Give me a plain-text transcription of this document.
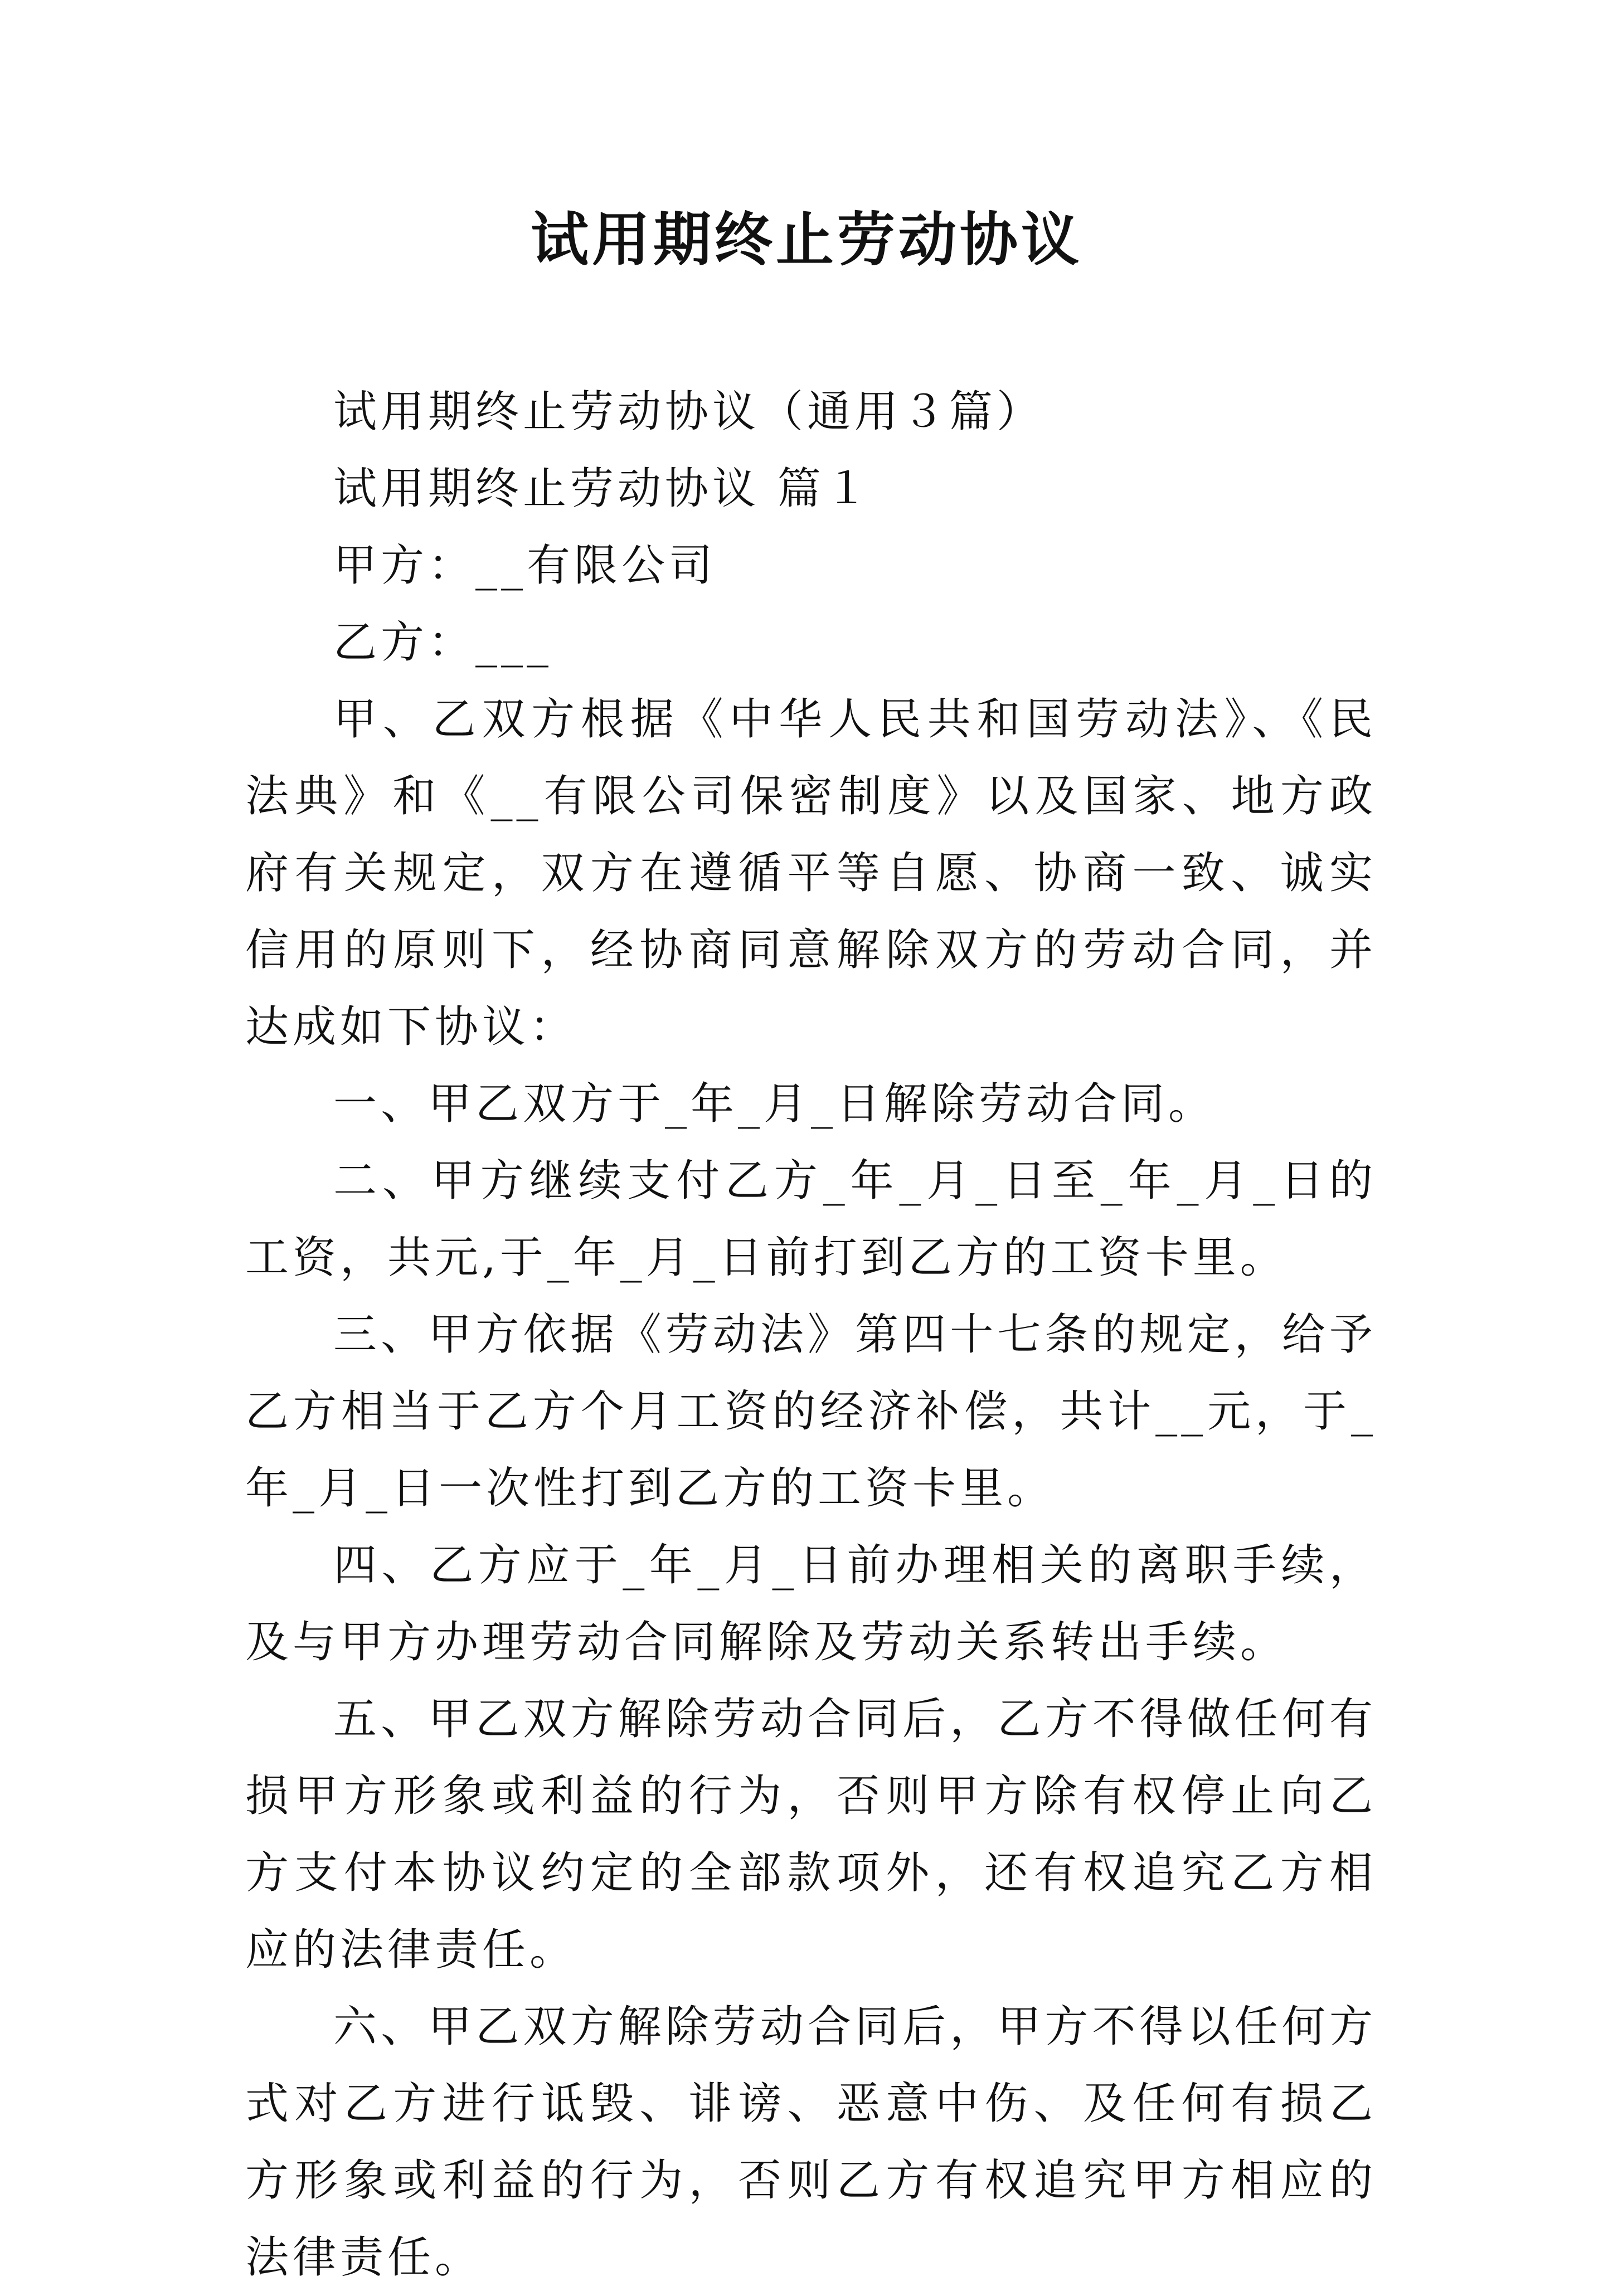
试用期终止劳动协议

试用期终止劳动协议（通用３篇）

试用期终止劳动协议 篇１

甲方：__有限公司

乙方：___

甲、乙双方根据《中华人民共和国劳动法》、《民法典》和《__有限公司保密制度》以及国家、地方政府有关规定，双方在遵循平等自愿、协商一致、诚实信用的原则下，经协商同意解除双方的劳动合同，并达成如下协议：

一、甲乙双方于_年_月_日解除劳动合同。

二、甲方继续支付乙方_年_月_日至_年_月_日的工资，共元,于_年_月_日前打到乙方的工资卡里。

三、甲方依据《劳动法》第四十七条的规定，给予乙方相当于乙方个月工资的经济补偿，共计__元，于_年_月_日一次性打到乙方的工资卡里。

四、乙方应于_年_月_日前办理相关的离职手续，及与甲方办理劳动合同解除及劳动关系转出手续。

五、甲乙双方解除劳动合同后，乙方不得做任何有损甲方形象或利益的行为，否则甲方除有权停止向乙方支付本协议约定的全部款项外，还有权追究乙方相应的法律责任。

六、甲乙双方解除劳动合同后，甲方不得以任何方式对乙方进行诋毁、诽谤、恶意中伤、及任何有损乙方形象或利益的行为，否则乙方有权追究甲方相应的法律责任。
